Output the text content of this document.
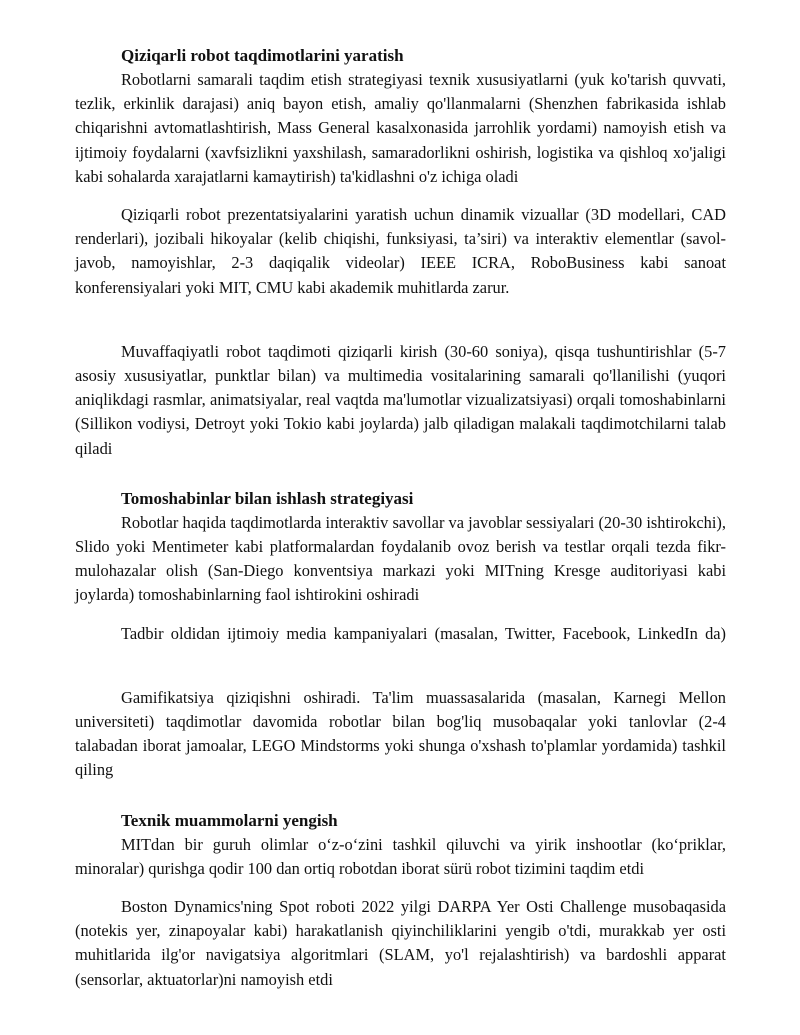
Qiziqarli robot taqdimotlarini yaratish

Robotlarni samarali taqdim etish strategiyasi texnik xususiyatlarni (yuk ko'tarish quvvati, tezlik, erkinlik darajasi) aniq bayon etish, amaliy qo'llanmalarni (Shenzhen fabrikasida ishlab chiqarishni avtomatlashtirish, Mass General kasalxonasida jarrohlik yordami) namoyish etish va ijtimoiy foydalarni (xavfsizlikni yaxshilash, samaradorlikni oshirish, logistika va qishloq xo'jaligi kabi sohalarda xarajatlarni kamaytirish) ta'kidlashni o'z ichiga oladi

Qiziqarli robot prezentatsiyalarini yaratish uchun dinamik vizuallar (3D modellari, CAD renderlari), jozibali hikoyalar (kelib chiqishi, funksiyasi, ta’siri) va interaktiv elementlar (savol-javob, namoyishlar, 2-3 daqiqalik videolar) IEEE ICRA, RoboBusiness kabi sanoat konferensiyalari yoki MIT, CMU kabi akademik muhitlarda zarur.

Muvaffaqiyatli robot taqdimoti qiziqarli kirish (30-60 soniya), qisqa tushuntirishlar (5-7 asosiy xususiyatlar, punktlar bilan) va multimedia vositalarining samarali qo'llanilishi (yuqori aniqlikdagi rasmlar, animatsiyalar, real vaqtda ma'lumotlar vizualizatsiyasi) orqali tomoshabinlarni (Sillikon vodiysi, Detroyt yoki Tokio kabi joylarda) jalb qiladigan malakali taqdimotchilarni talab qiladi

Tomoshabinlar bilan ishlash strategiyasi

Robotlar haqida taqdimotlarda interaktiv savollar va javoblar sessiyalari (20-30 ishtirokchi), Slido yoki Mentimeter kabi platformalardan foydalanib ovoz berish va testlar orqali tezda fikr-mulohazalar olish (San-Diego konventsiya markazi yoki MITning Kresge auditoriyasi kabi joylarda) tomoshabinlarning faol ishtirokini oshiradi

Tadbir oldidan ijtimoiy media kampaniyalari (masalan, Twitter, Facebook, LinkedIn da)

Gamifikatsiya qiziqishni oshiradi. Ta'lim muassasalarida (masalan, Karnegi Mellon universiteti) taqdimotlar davomida robotlar bilan bog'liq musobaqalar yoki tanlovlar (2-4 talabadan iborat jamoalar, LEGO Mindstorms yoki shunga o'xshash to'plamlar yordamida) tashkil qiling

Texnik muammolarni yengish

MITdan bir guruh olimlar o‘z-o‘zini tashkil qiluvchi va yirik inshootlar (ko‘priklar, minoralar) qurishga qodir 100 dan ortiq robotdan iborat sürü robot tizimini taqdim etdi

Boston Dynamics'ning Spot roboti 2022 yilgi DARPA Yer Osti Challenge musobaqasida (notekis yer, zinapoyalar kabi) harakatlanish qiyinchiliklarini yengib o'tdi, murakkab yer osti muhitlarida ilg'or navigatsiya algoritmlari (SLAM, yo'l rejalashtirish) va bardoshli apparat (sensorlar, aktuatorlar)ni namoyish etdi
